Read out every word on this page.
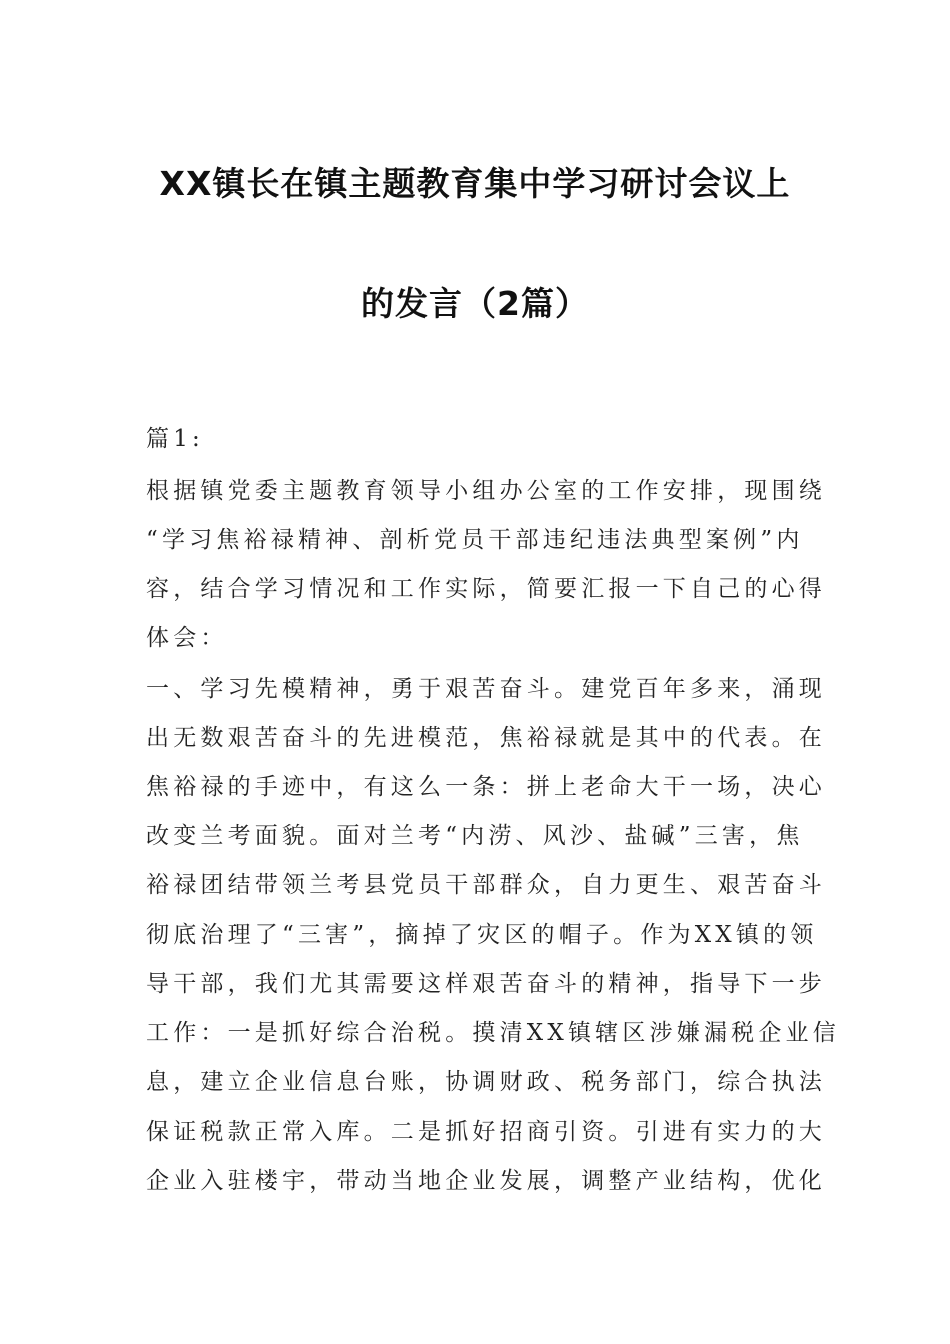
XX镇长在镇主题教育集中学习研讨会议上
的发言（2篇）
篇1:
根据镇党委主题教育领导小组办公室的工作安排，现围绕
“学习焦裕禄精神、剖析党员干部违纪违法典型案例”内
容，结合学习情况和工作实际，简要汇报一下自己的心得
体会：
一、学习先模精神，勇于艰苦奋斗。建党百年多来，涌现
出无数艰苦奋斗的先进模范，焦裕禄就是其中的代表。在
焦裕禄的手迹中，有这么一条：拼上老命大干一场，决心
改变兰考面貌。面对兰考“内涝、风沙、盐碱”三害，焦
裕禄团结带领兰考县党员干部群众，自力更生、艰苦奋斗
彻底治理了“三害”，摘掉了灾区的帽子。作为XX镇的领
导干部，我们尤其需要这样艰苦奋斗的精神，指导下一步
工作：一是抓好综合治税。摸清XX镇辖区涉嫌漏税企业信
息，建立企业信息台账，协调财政、税务部门，综合执法
保证税款正常入库。二是抓好招商引资。引进有实力的大
企业入驻楼宇，带动当地企业发展，调整产业结构，优化
